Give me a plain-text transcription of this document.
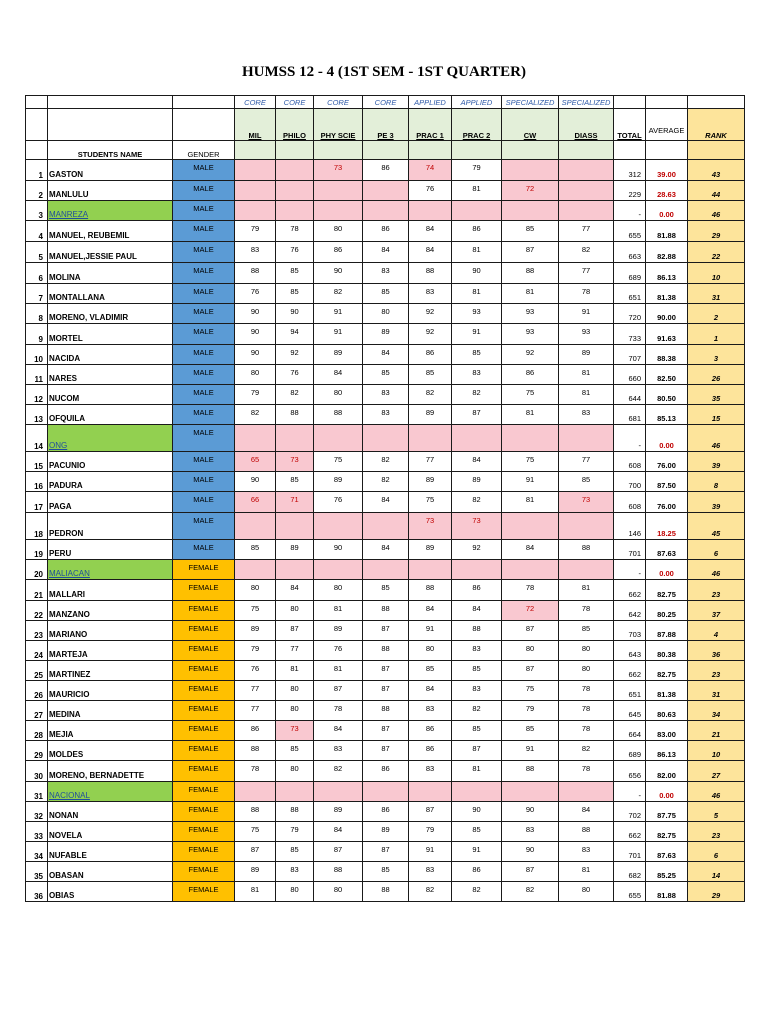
HUMSS 12 - 4 (1ST SEM - 1ST QUARTER)
			CORE	CORE	CORE	CORE	APPLIED	APPLIED	SPECIALIZED	SPECIALIZED			
			MIL	PHILO	PHY SCIE	PE 3	PRAC 1	PRAC 2	CW	DIASS	TOTAL	AVERAGE	RANK
	STUDENTS NAME	GENDER											
1	GASTON	MALE			73	86	74	79			312	39.00	43
2	MANLULU	MALE					76	81	72		229	28.63	44
3	MANREZA	MALE									-	0.00	46
4	MANUEL, REUBEMIL	MALE	79	78	80	86	84	86	85	77	655	81.88	29
5	MANUEL,JESSIE PAUL	MALE	83	76	86	84	84	81	87	82	663	82.88	22
6	MOLINA	MALE	88	85	90	83	88	90	88	77	689	86.13	10
7	MONTALLANA	MALE	76	85	82	85	83	81	81	78	651	81.38	31
8	MORENO, VLADIMIR	MALE	90	90	91	80	92	93	93	91	720	90.00	2
9	MORTEL	MALE	90	94	91	89	92	91	93	93	733	91.63	1
10	NACIDA	MALE	90	92	89	84	86	85	92	89	707	88.38	3
11	NARES	MALE	80	76	84	85	85	83	86	81	660	82.50	26
12	NUCOM	MALE	79	82	80	83	82	82	75	81	644	80.50	35
13	OFQUILA	MALE	82	88	88	83	89	87	81	83	681	85.13	15
14	ONG	MALE									-	0.00	46
15	PACUNIO	MALE	65	73	75	82	77	84	75	77	608	76.00	39
16	PADURA	MALE	90	85	89	82	89	89	91	85	700	87.50	8
17	PAGA	MALE	66	71	76	84	75	82	81	73	608	76.00	39
18	PEDRON	MALE					73	73			146	18.25	45
19	PERU	MALE	85	89	90	84	89	92	84	88	701	87.63	6
20	MALIACAN	FEMALE									-	0.00	46
21	MALLARI	FEMALE	80	84	80	85	88	86	78	81	662	82.75	23
22	MANZANO	FEMALE	75	80	81	88	84	84	72	78	642	80.25	37
23	MARIANO	FEMALE	89	87	89	87	91	88	87	85	703	87.88	4
24	MARTEJA	FEMALE	79	77	76	88	80	83	80	80	643	80.38	36
25	MARTINEZ	FEMALE	76	81	81	87	85	85	87	80	662	82.75	23
26	MAURICIO	FEMALE	77	80	87	87	84	83	75	78	651	81.38	31
27	MEDINA	FEMALE	77	80	78	88	83	82	79	78	645	80.63	34
28	MEJIA	FEMALE	86	73	84	87	86	85	85	78	664	83.00	21
29	MOLDES	FEMALE	88	85	83	87	86	87	91	82	689	86.13	10
30	MORENO, BERNADETTE	FEMALE	78	80	82	86	83	81	88	78	656	82.00	27
31	NACIONAL	FEMALE									-	0.00	46
32	NONAN	FEMALE	88	88	89	86	87	90	90	84	702	87.75	5
33	NOVELA	FEMALE	75	79	84	89	79	85	83	88	662	82.75	23
34	NUFABLE	FEMALE	87	85	87	87	91	91	90	83	701	87.63	6
35	OBASAN	FEMALE	89	83	88	85	83	86	87	81	682	85.25	14
36	OBIAS	FEMALE	81	80	80	88	82	82	82	80	655	81.88	29
